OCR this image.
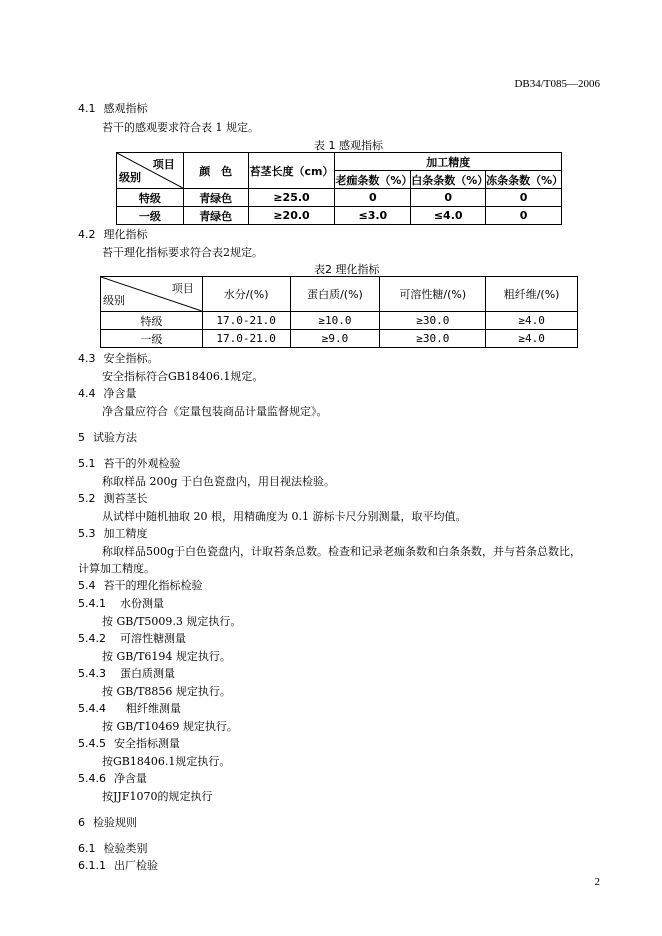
DB34/T085—2006
4.1 感观指标
苔干的感观要求符合表 1 规定。
表 1 感观指标
项目
级别	颜　色	苔茎长度（cm）	加工精度		
			老痂条数（%）	白条条数（%）	冻条条数（%）
特级	青绿色	≥25.0	0	0	0
一级	青绿色	≥20.0	≤3.0	≤4.0	0
4.2 理化指标
苔干理化指标要求符合表2规定。
表2 理化指标
项目
级别	水分/(%)	蛋白质/(%)	可溶性糖/(%)	粗纤维/(%)
特级	17.0-21.0	≥10.0	≥30.0	≥4.0
一级	17.0-21.0	≥9.0	≥30.0	≥4.0
4.3 安全指标。
安全指标符合GB18406.1规定。
4.4 净含量
净含量应符合《定量包装商品计量监督规定》。
5 试验方法
5.1 苔干的外观检验
称取样品 200g 于白色瓷盘内，用目视法检验。
5.2 测苔茎长
从试样中随机抽取 20 根，用精确度为 0.1 游标卡尺分别测量，取平均值。
5.3 加工精度
称取样品500g于白色瓷盘内，计取苔条总数。检查和记录老痂条数和白条条数，并与苔条总数比，
计算加工精度。
5.4 苔干的理化指标检验
5.4.1 水份测量
按 GB/T5009.3 规定执行。
5.4.2 可溶性糖测量
按 GB/T6194 规定执行。
5.4.3 蛋白质测量
按 GB/T8856 规定执行。
5.4.4 粗纤维测量
按 GB/T10469 规定执行。
5.4.5 安全指标测量
按GB18406.1规定执行。
5.4.6 净含量
按JJF1070的规定执行
6 检验规则
6.1 检验类别
6.1.1 出厂检验
2
